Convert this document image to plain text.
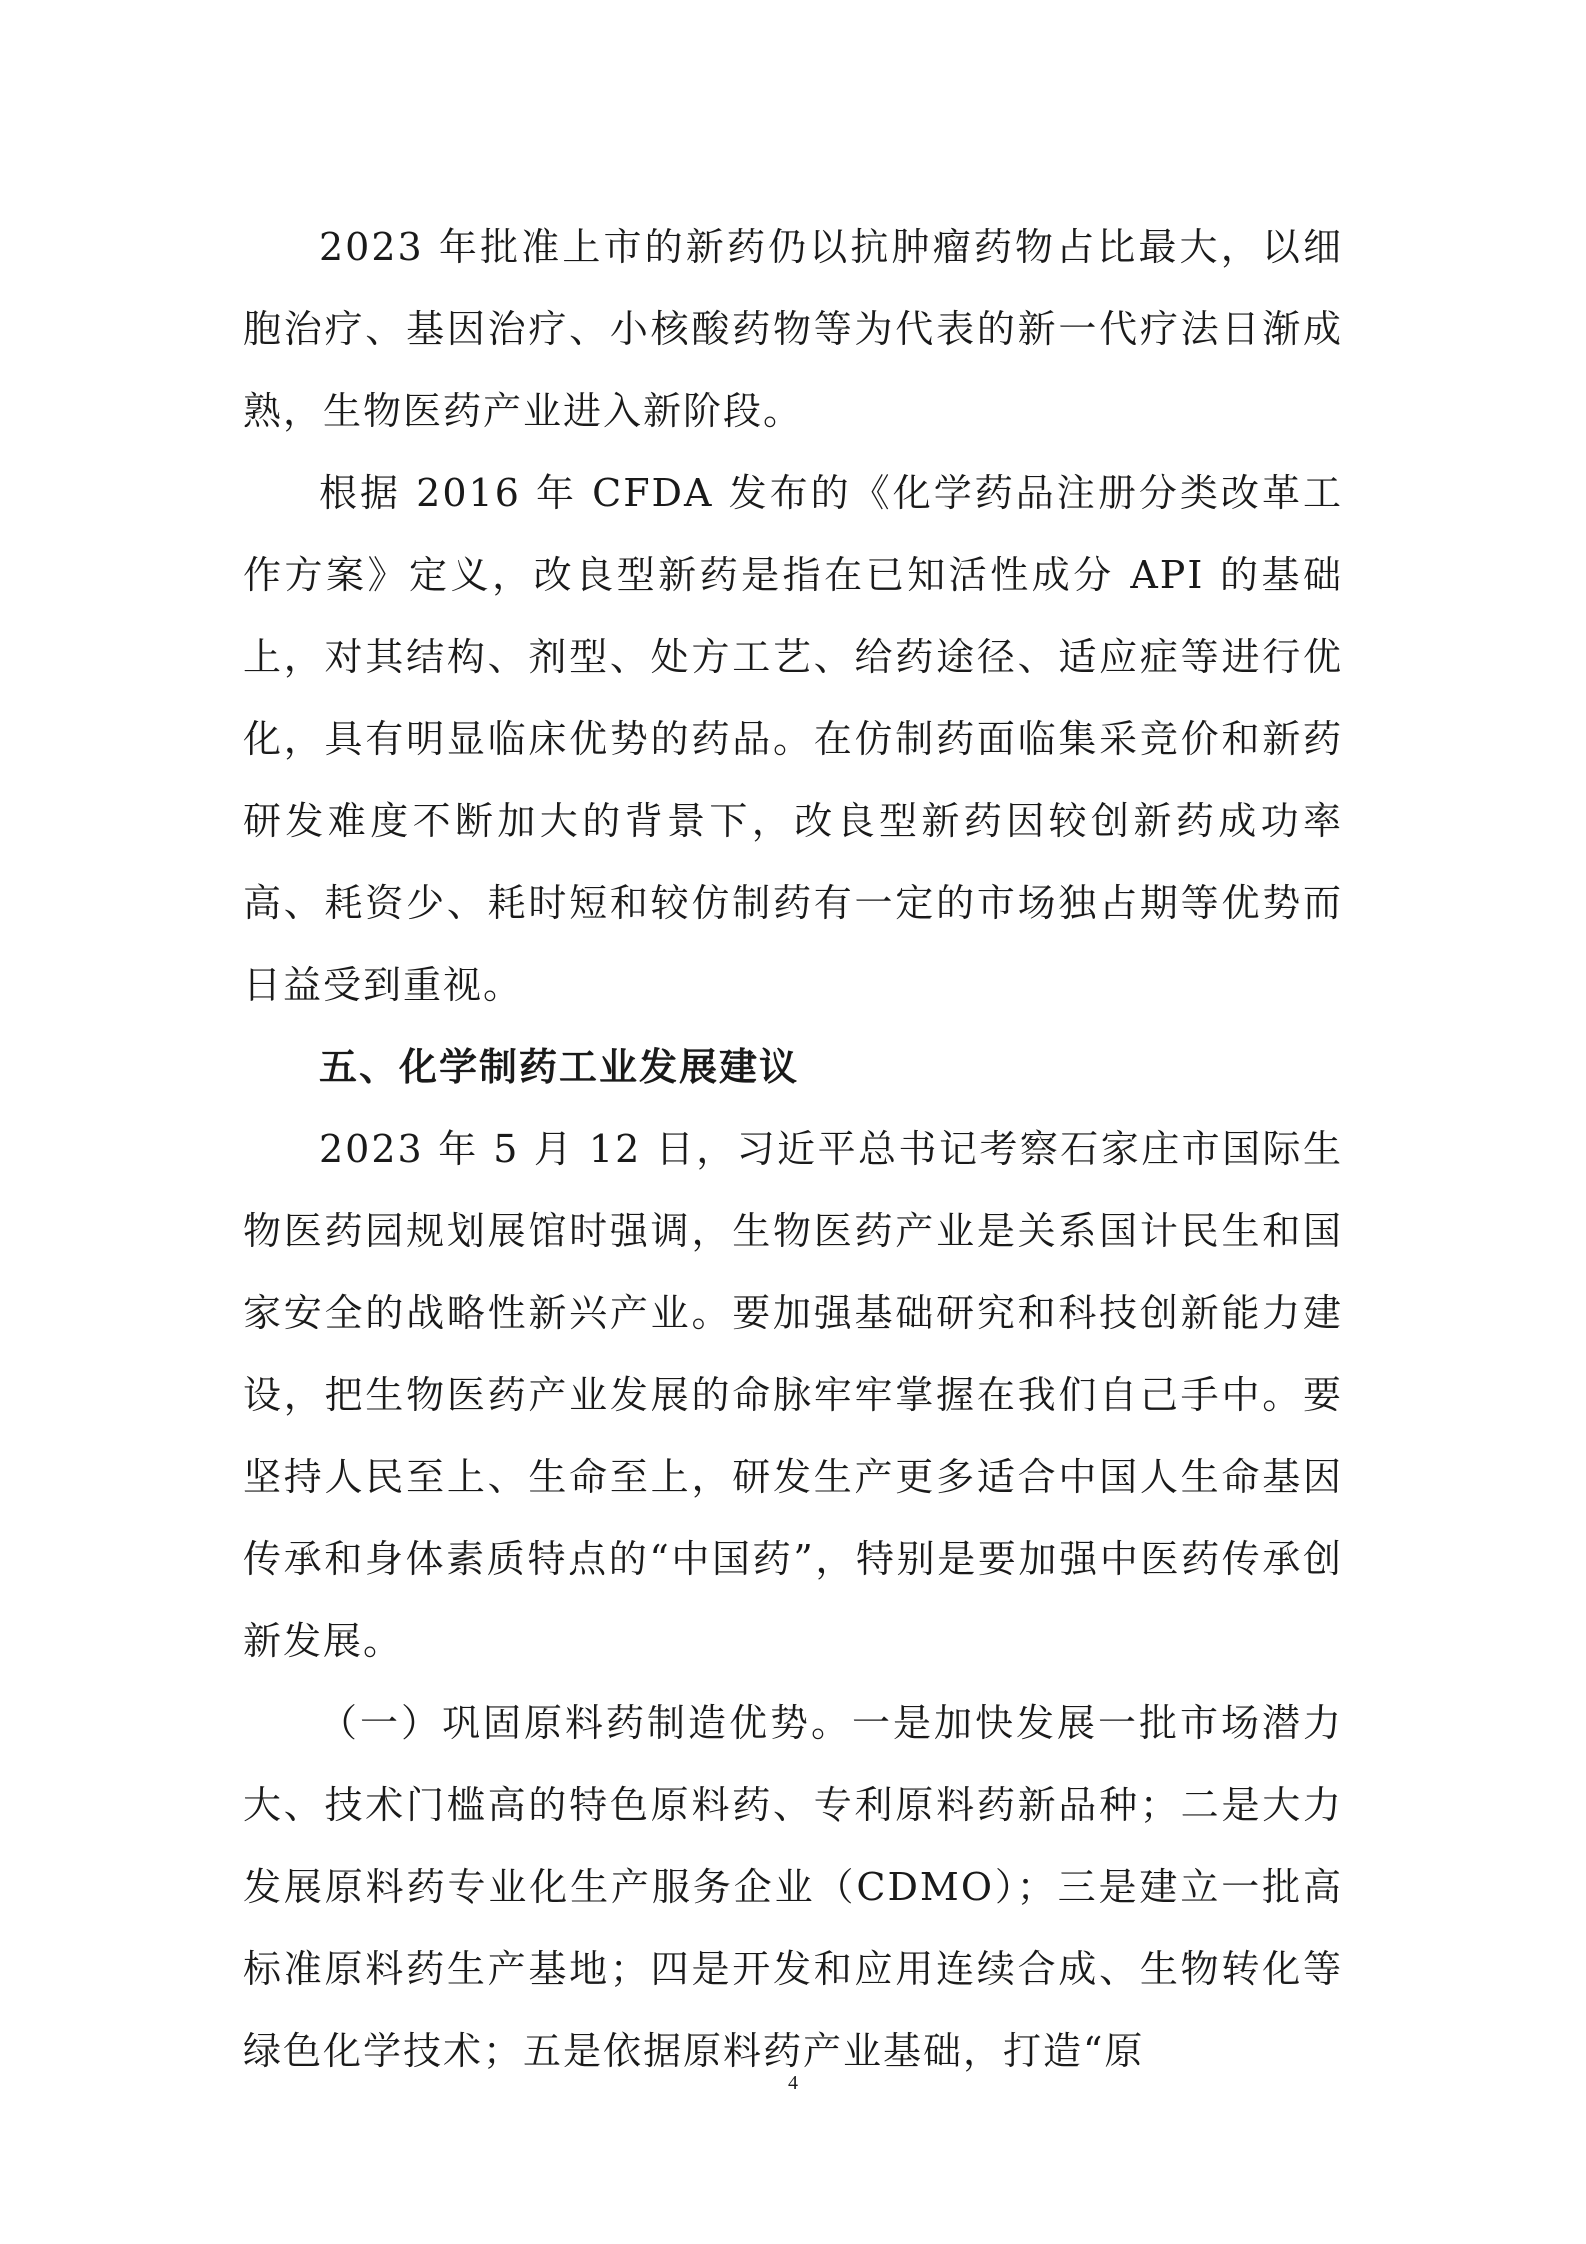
2023 年批准上市的新药仍以抗肿瘤药物占比最大，以细胞治疗、基因治疗、小核酸药物等为代表的新一代疗法日渐成熟，生物医药产业进入新阶段。

根据 2016 年 CFDA 发布的《化学药品注册分类改革工作方案》定义，改良型新药是指在已知活性成分 API 的基础上，对其结构、剂型、处方工艺、给药途径、适应症等进行优化，具有明显临床优势的药品。在仿制药面临集采竞价和新药研发难度不断加大的背景下，改良型新药因较创新药成功率高、耗资少、耗时短和较仿制药有一定的市场独占期等优势而日益受到重视。

五、化学制药工业发展建议

2023 年 5 月 12 日，习近平总书记考察石家庄市国际生物医药园规划展馆时强调，生物医药产业是关系国计民生和国家安全的战略性新兴产业。要加强基础研究和科技创新能力建设，把生物医药产业发展的命脉牢牢掌握在我们自己手中。要坚持人民至上、生命至上，研发生产更多适合中国人生命基因传承和身体素质特点的“中国药”，特别是要加强中医药传承创新发展。

（一）巩固原料药制造优势。一是加快发展一批市场潜力大、技术门槛高的特色原料药、专利原料药新品种；二是大力发展原料药专业化生产服务企业（CDMO）；三是建立一批高标准原料药生产基地；四是开发和应用连续合成、生物转化等绿色化学技术；五是依据原料药产业基础，打造“原

4
